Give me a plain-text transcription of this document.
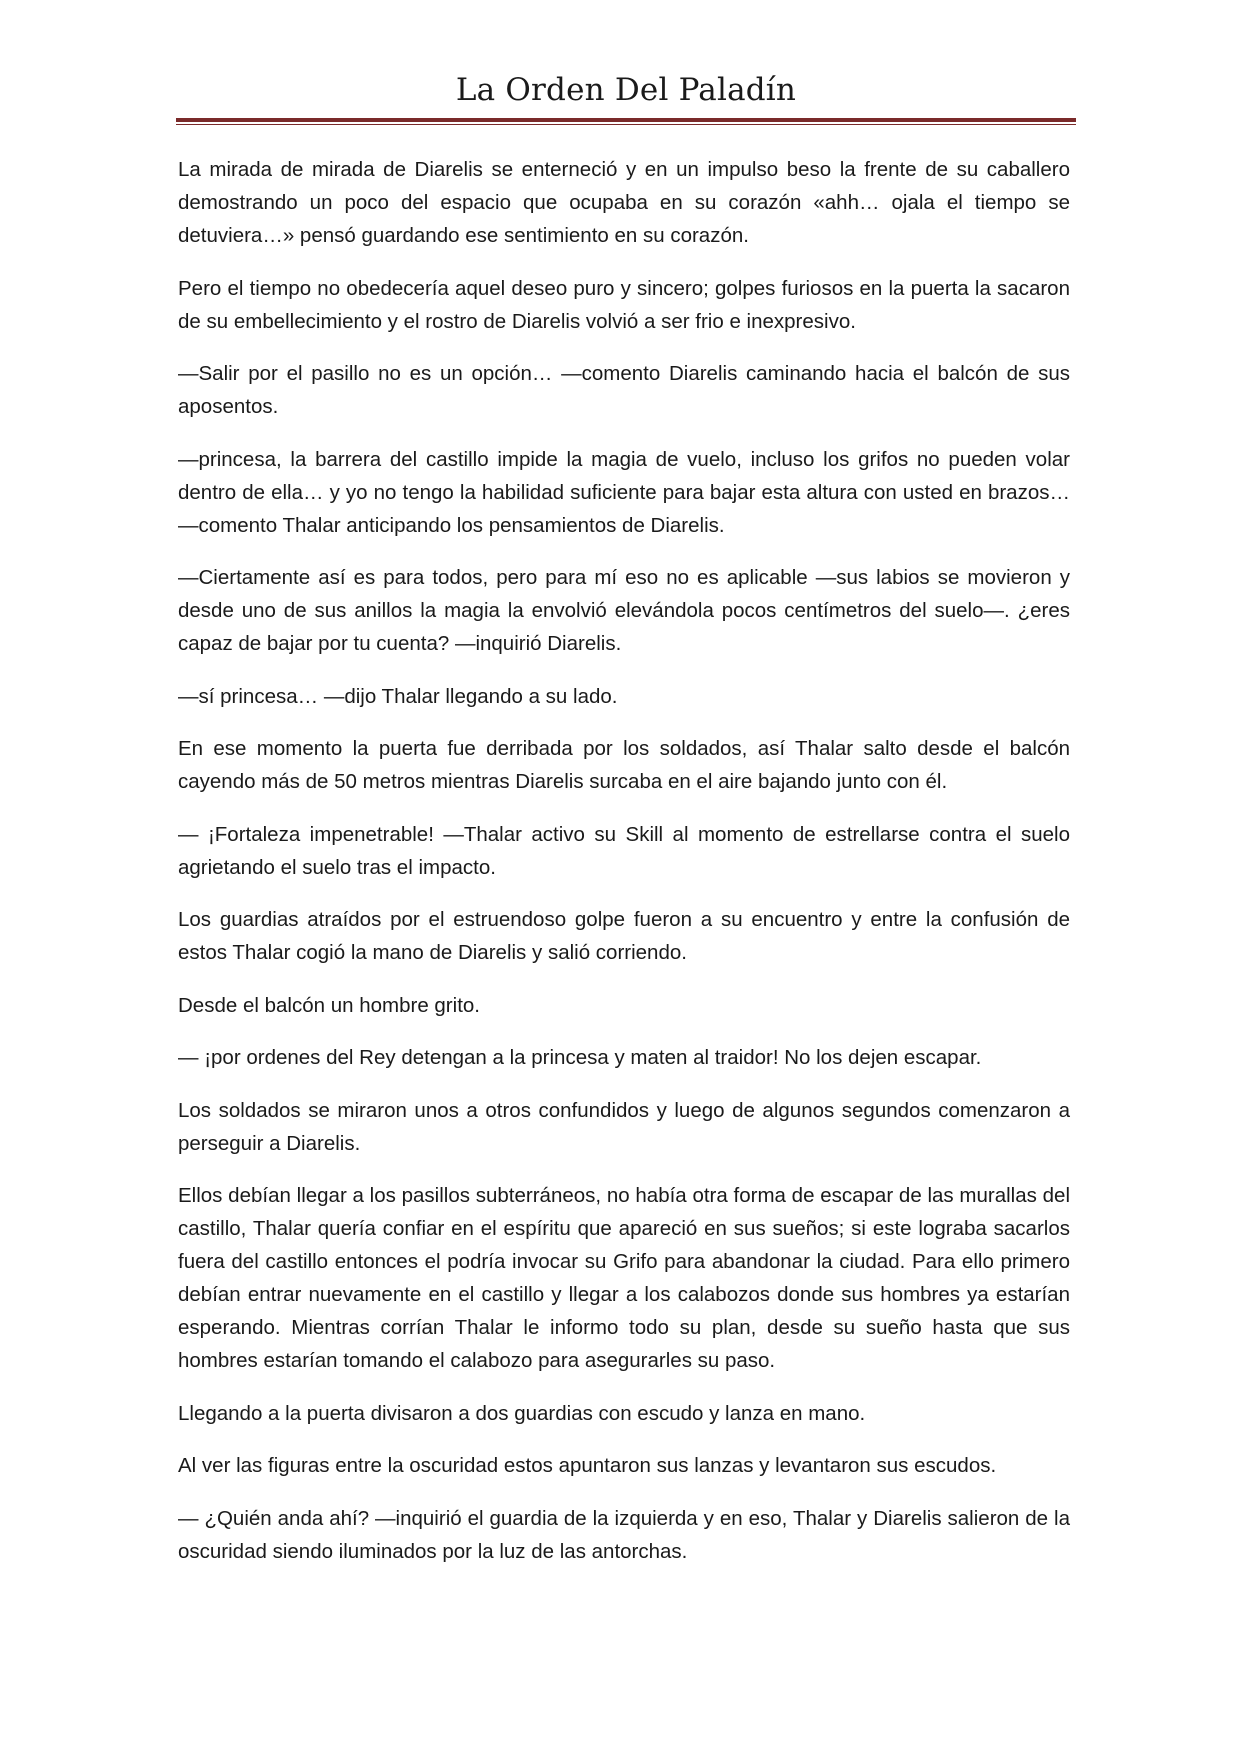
La Orden Del Paladín

La mirada de mirada de Diarelis se enterneció y en un impulso beso la frente de su caballero demostrando un poco del espacio que ocupaba en su corazón «ahh… ojala el tiempo se detuviera…» pensó guardando ese sentimiento en su corazón.

Pero el tiempo no obedecería aquel deseo puro y sincero; golpes furiosos en la puerta la sacaron de su embellecimiento y el rostro de Diarelis volvió a ser frio e inexpresivo.

—Salir por el pasillo no es un opción… —comento Diarelis caminando hacia el balcón de sus aposentos.

—princesa, la barrera del castillo impide la magia de vuelo, incluso los grifos no pueden volar dentro de ella… y yo no tengo la habilidad suficiente para bajar esta altura con usted en brazos… —comento Thalar anticipando los pensamientos de Diarelis.

—Ciertamente así es para todos, pero para mí eso no es aplicable —sus labios se movieron y desde uno de sus anillos la magia la envolvió elevándola pocos centímetros del suelo—. ¿eres capaz de bajar por tu cuenta? —inquirió Diarelis.

—sí princesa… —dijo Thalar llegando a su lado.

En ese momento la puerta fue derribada por los soldados, así Thalar salto desde el balcón cayendo más de 50 metros mientras Diarelis surcaba en el aire bajando junto con él.

— ¡Fortaleza impenetrable! —Thalar activo su Skill al momento de estrellarse contra el suelo agrietando el suelo tras el impacto.

Los guardias atraídos por el estruendoso golpe fueron a su encuentro y entre la confusión de estos Thalar cogió la mano de Diarelis y salió corriendo.

Desde el balcón un hombre grito.

— ¡por ordenes del Rey detengan a la princesa y maten al traidor! No los dejen escapar.

Los soldados se miraron unos a otros confundidos y luego de algunos segundos comenzaron a perseguir a Diarelis.

Ellos debían llegar a los pasillos subterráneos, no había otra forma de escapar de las murallas del castillo, Thalar quería confiar en el espíritu que apareció en sus sueños; si este lograba sacarlos fuera del castillo entonces el podría invocar su Grifo para abandonar la ciudad. Para ello primero debían entrar nuevamente en el castillo y llegar a los calabozos donde sus hombres ya estarían esperando. Mientras corrían Thalar le informo todo su plan, desde su sueño hasta que sus hombres estarían tomando el calabozo para asegurarles su paso.

Llegando a la puerta divisaron a dos guardias con escudo y lanza en mano.

Al ver las figuras entre la oscuridad estos apuntaron sus lanzas y levantaron sus escudos.

— ¿Quién anda ahí? —inquirió el guardia de la izquierda y en eso, Thalar y Diarelis salieron de la oscuridad siendo iluminados por la luz de las antorchas.
